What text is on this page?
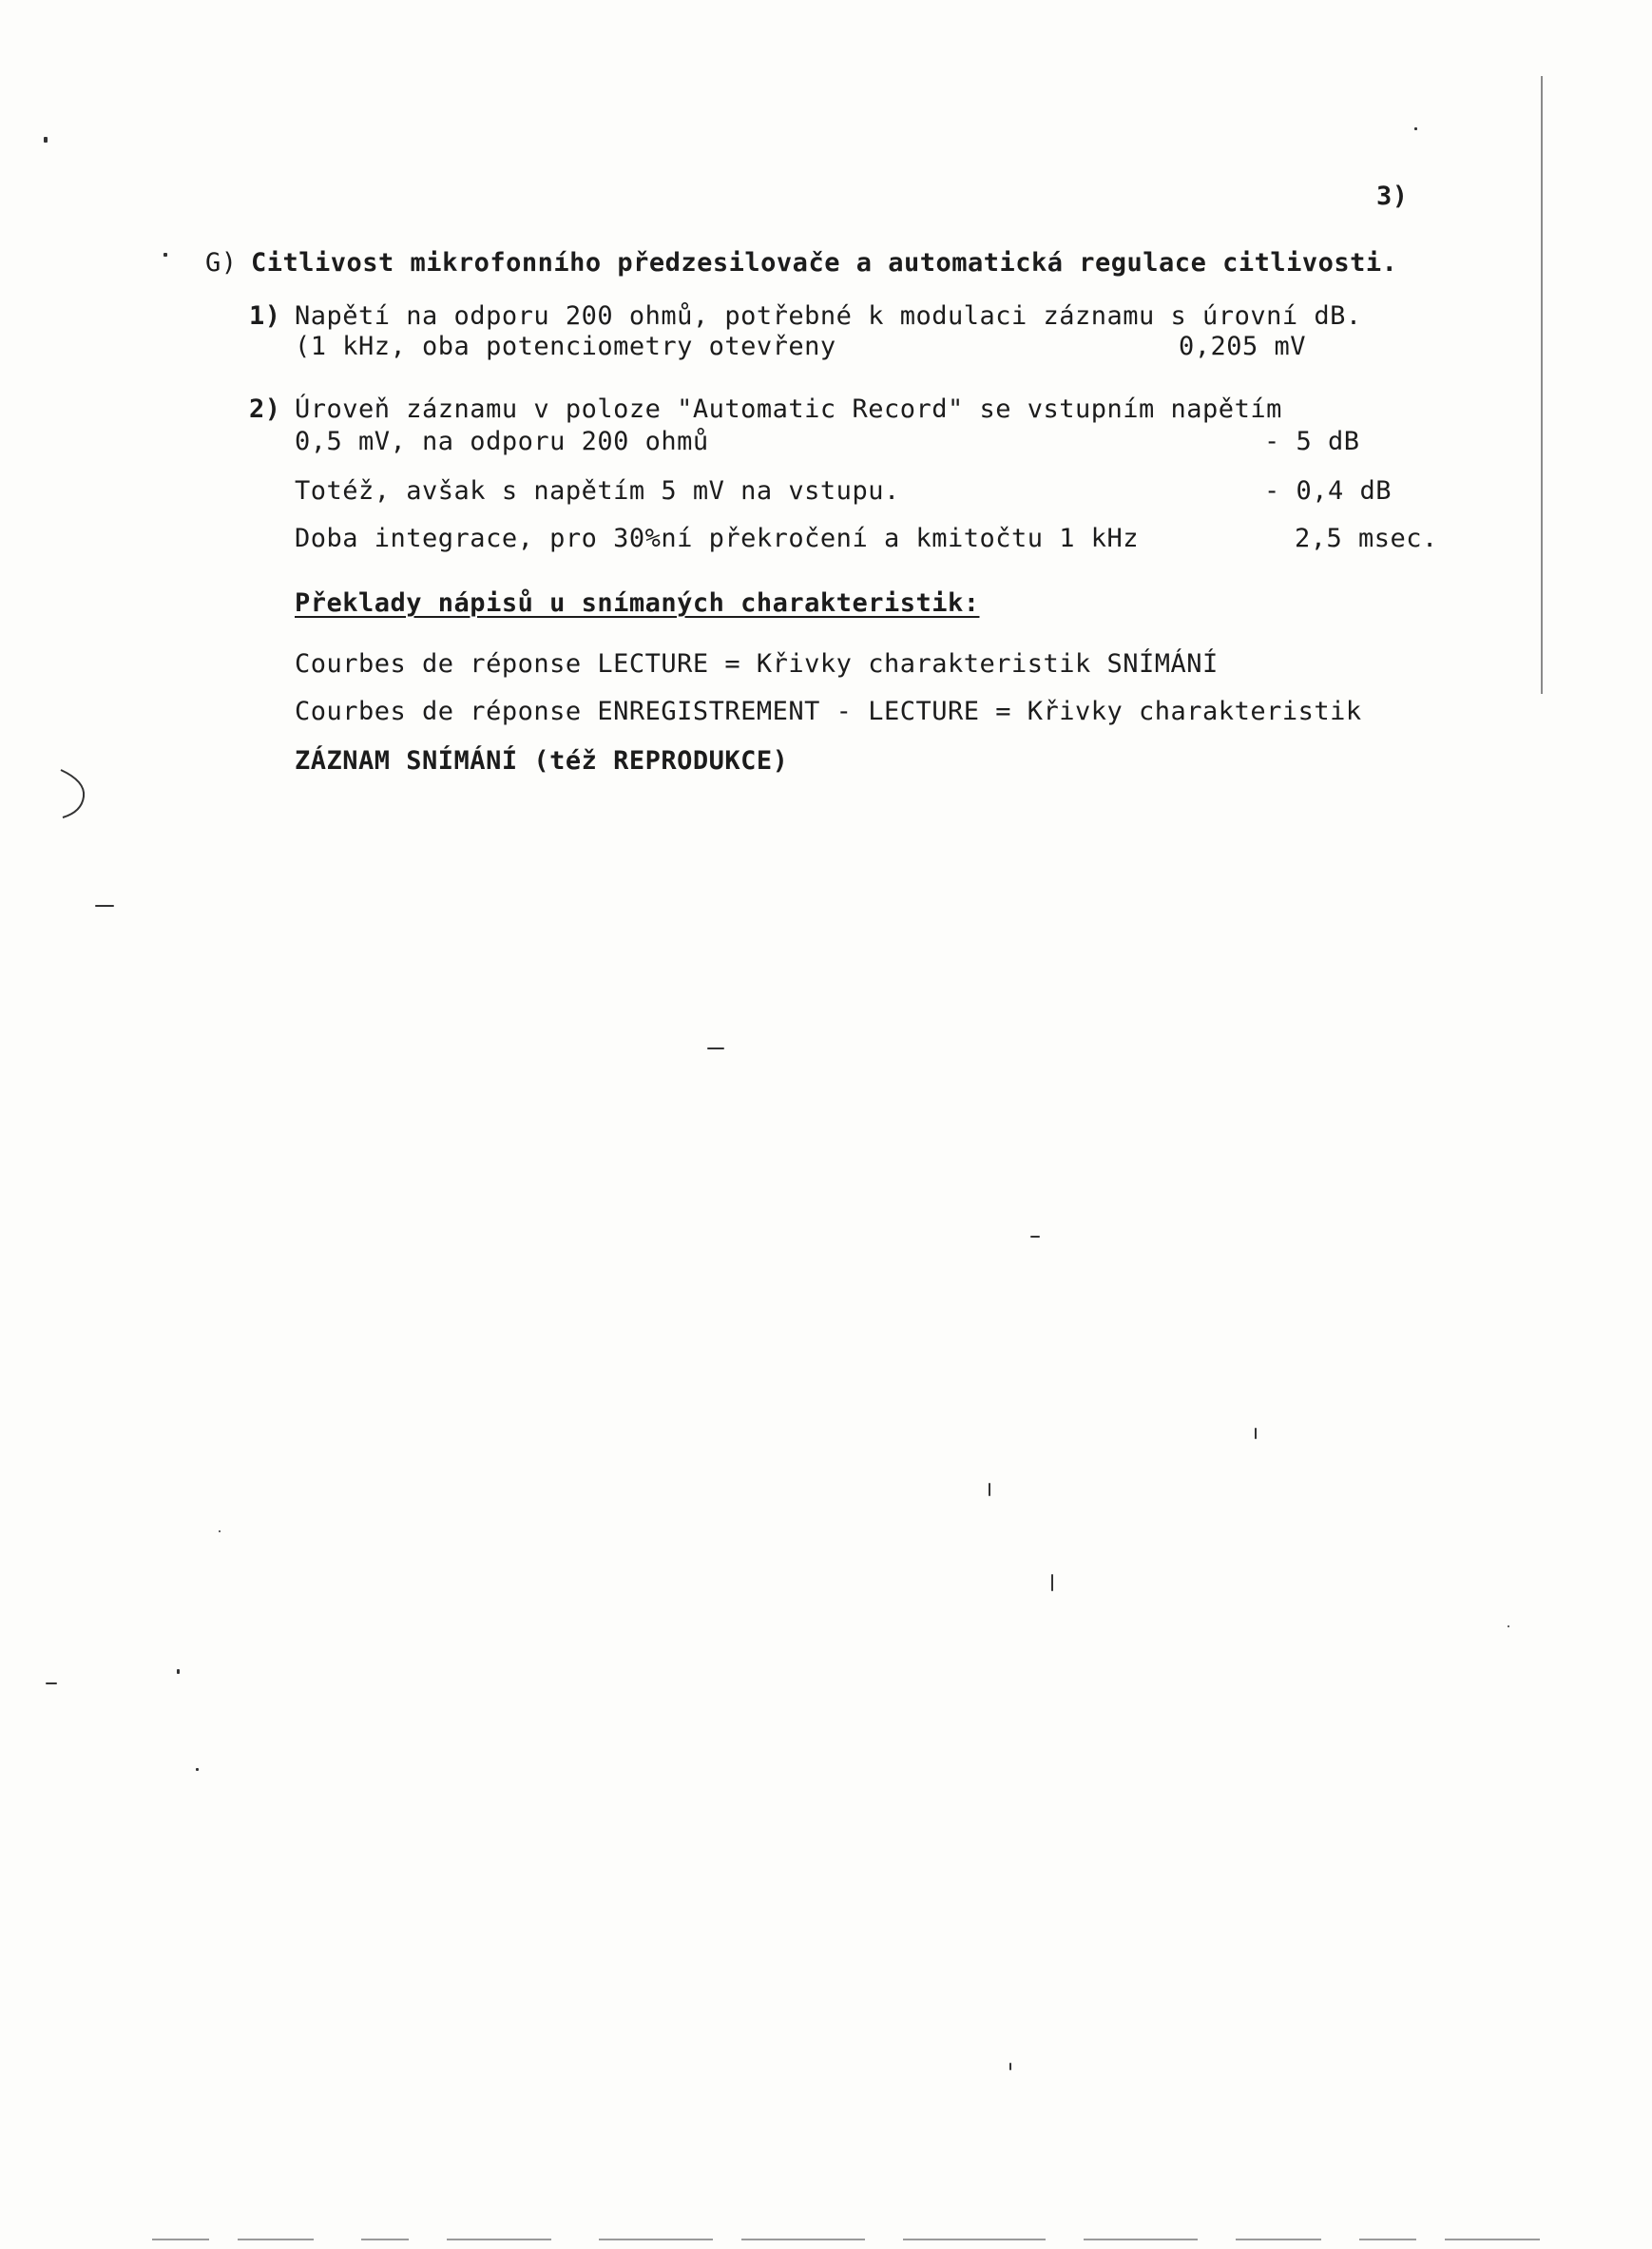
3)
G) Citlivost mikrofonního předzesilovače a automatická regulace citlivosti.
1) Napětí na odporu 200 ohmů, potřebné k modulaci záznamu s úrovní dB.
(1 kHz, oba potenciometry otevřeny	0,205 mV
2) Úroveň záznamu v poloze "Automatic Record" se vstupním napětím
0,5 mV, na odporu 200 ohmů	- 5 dB
Totéž, avšak s napětím 5 mV na vstupu.	- 0,4 dB
Doba integrace, pro 30%ní překročení a kmitočtu 1 kHz	2,5 msec.
Překlady nápisů u snímaných charakteristik:
Courbes de réponse LECTURE = Křivky charakteristik SNÍMÁNÍ
Courbes de réponse ENREGISTREMENT - LECTURE = Křivky charakteristik
ZÁZNAM SNÍMÁNÍ (též REPRODUKCE)
